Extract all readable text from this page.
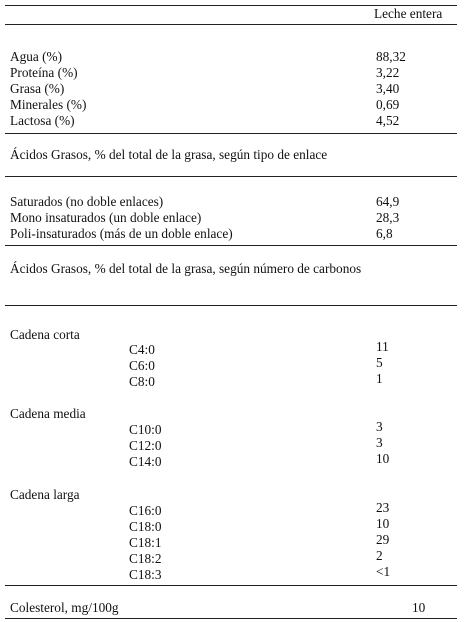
Leche entera
Agua (%)	88,32
Proteína (%)	3,22
Grasa (%)	3,40
Minerales (%)	0,69
Lactosa (%)	4,52
Ácidos Grasos, % del total de la grasa, según tipo de enlace
Saturados (no doble enlaces)	64,9
Mono insaturados (un doble enlace)	28,3
Poli-insaturados (más de un doble enlace)	6,8
Ácidos Grasos, % del total de la grasa, según número de carbonos
Cadena corta
C4:0	11
C6:0	5
C8:0	1
Cadena media
C10:0	3
C12:0	3
C14:0	10
Cadena larga
C16:0	23
C18:0	10
C18:1	29
C18:2	2
C18:3	<1
Colesterol, mg/100g	10
